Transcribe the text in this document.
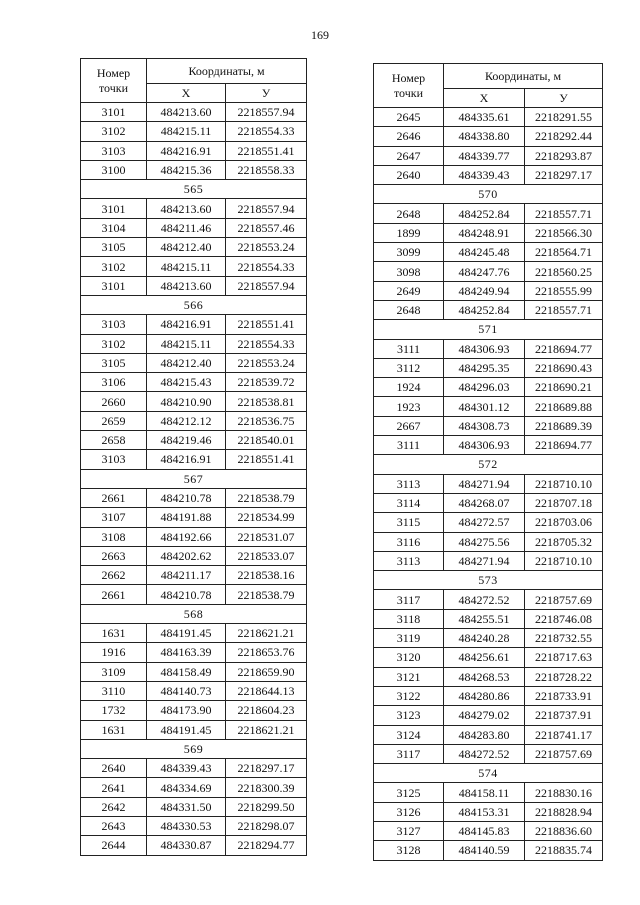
169
Номер
точки	Координаты, м	
	Х	У
3101	484213.60	2218557.94
3102	484215.11	2218554.33
3103	484216.91	2218551.41
3100	484215.36	2218558.33
565		
3101	484213.60	2218557.94
3104	484211.46	2218557.46
3105	484212.40	2218553.24
3102	484215.11	2218554.33
3101	484213.60	2218557.94
566		
3103	484216.91	2218551.41
3102	484215.11	2218554.33
3105	484212.40	2218553.24
3106	484215.43	2218539.72
2660	484210.90	2218538.81
2659	484212.12	2218536.75
2658	484219.46	2218540.01
3103	484216.91	2218551.41
567		
2661	484210.78	2218538.79
3107	484191.88	2218534.99
3108	484192.66	2218531.07
2663	484202.62	2218533.07
2662	484211.17	2218538.16
2661	484210.78	2218538.79
568		
1631	484191.45	2218621.21
1916	484163.39	2218653.76
3109	484158.49	2218659.90
3110	484140.73	2218644.13
1732	484173.90	2218604.23
1631	484191.45	2218621.21
569		
2640	484339.43	2218297.17
2641	484334.69	2218300.39
2642	484331.50	2218299.50
2643	484330.53	2218298.07
2644	484330.87	2218294.77
Номер
точки	Координаты, м	
	Х	У
2645	484335.61	2218291.55
2646	484338.80	2218292.44
2647	484339.77	2218293.87
2640	484339.43	2218297.17
570		
2648	484252.84	2218557.71
1899	484248.91	2218566.30
3099	484245.48	2218564.71
3098	484247.76	2218560.25
2649	484249.94	2218555.99
2648	484252.84	2218557.71
571		
3111	484306.93	2218694.77
3112	484295.35	2218690.43
1924	484296.03	2218690.21
1923	484301.12	2218689.88
2667	484308.73	2218689.39
3111	484306.93	2218694.77
572		
3113	484271.94	2218710.10
3114	484268.07	2218707.18
3115	484272.57	2218703.06
3116	484275.56	2218705.32
3113	484271.94	2218710.10
573		
3117	484272.52	2218757.69
3118	484255.51	2218746.08
3119	484240.28	2218732.55
3120	484256.61	2218717.63
3121	484268.53	2218728.22
3122	484280.86	2218733.91
3123	484279.02	2218737.91
3124	484283.80	2218741.17
3117	484272.52	2218757.69
574		
3125	484158.11	2218830.16
3126	484153.31	2218828.94
3127	484145.83	2218836.60
3128	484140.59	2218835.74
